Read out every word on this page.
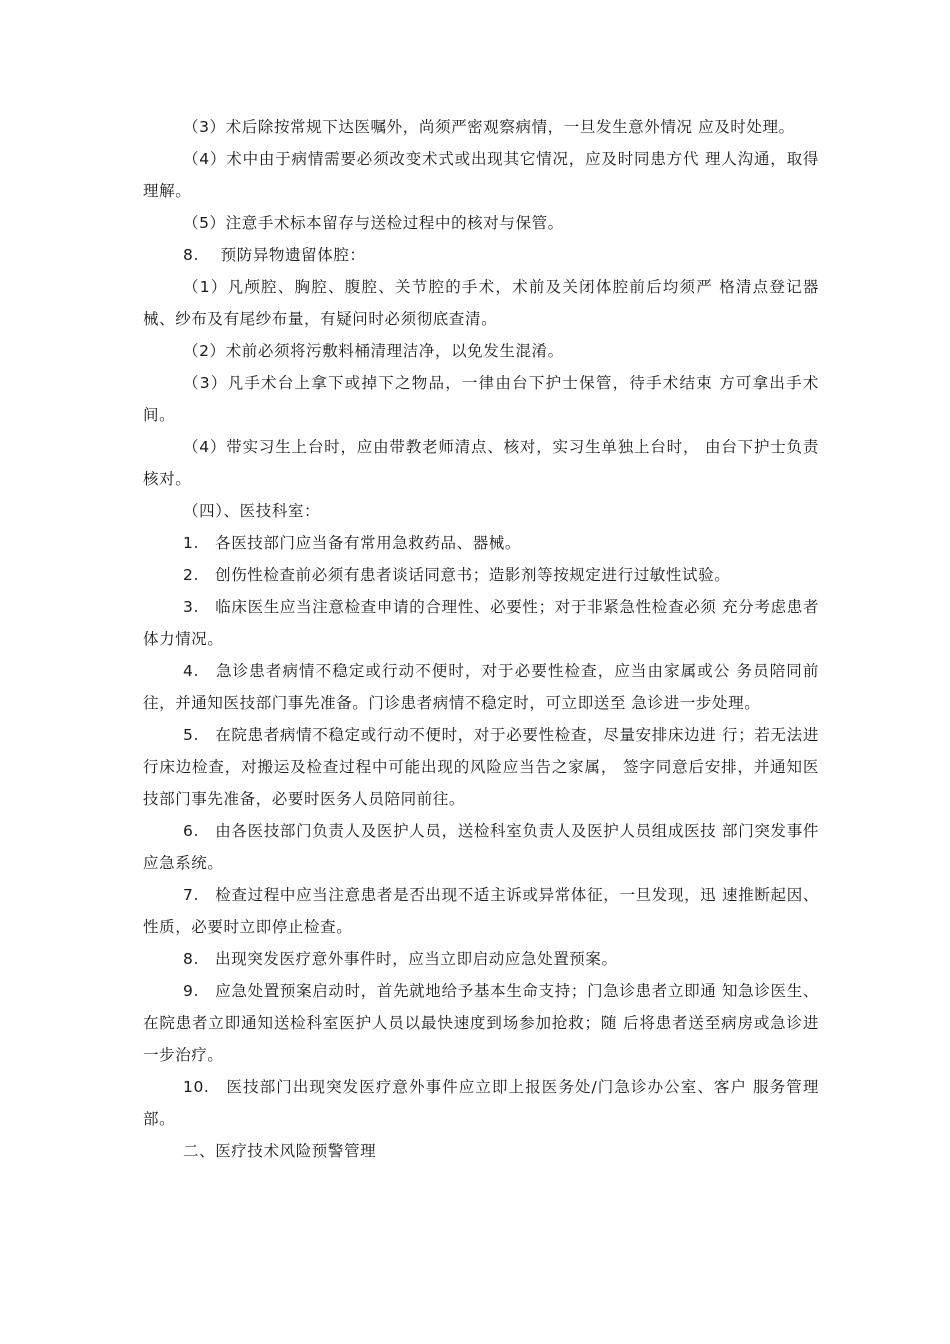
（3）术后除按常规下达医嘱外，尚须严密观察病情，一旦发生意外情况 应及时处理。

（4）术中由于病情需要必须改变术式或出现其它情况，应及时同患方代 理人沟通，取得理解。

（5）注意手术标本留存与送检过程中的核对与保管。

8.　 预防异物遗留体腔：

（1）凡颅腔、胸腔、腹腔、关节腔的手术，术前及关闭体腔前后均须严 格清点登记器械、纱布及有尾纱布量，有疑问时必须彻底查清。

（2）术前必须将污敷料桶清理洁净，以免发生混淆。

（3）凡手术台上拿下或掉下之物品，一律由台下护士保管，待手术结束 方可拿出手术间。

（4）带实习生上台时，应由带教老师清点、核对，实习生单独上台时， 由台下护士负责核对。

（四）、医技科室：

1.　各医技部门应当备有常用急救药品、器械。

2.　创伤性检查前必须有患者谈话同意书；造影剂等按规定进行过敏性试验。

3.　临床医生应当注意检查申请的合理性、必要性；对于非紧急性检查必须 充分考虑患者体力情况。

4.　急诊患者病情不稳定或行动不便时，对于必要性检查，应当由家属或公 务员陪同前往，并通知医技部门事先准备。门诊患者病情不稳定时，可立即送至 急诊进一步处理。

5.　在院患者病情不稳定或行动不便时，对于必要性检查，尽量安排床边进 行；若无法进行床边检查，对搬运及检查过程中可能出现的风险应当告之家属， 签字同意后安排，并通知医技部门事先准备，必要时医务人员陪同前往。

6.　由各医技部门负责人及医护人员，送检科室负责人及医护人员组成医技 部门突发事件应急系统。

7.　检查过程中应当注意患者是否出现不适主诉或异常体征，一旦发现，迅 速推断起因、性质，必要时立即停止检查。

8.　出现突发医疗意外事件时，应当立即启动应急处置预案。

9.　应急处置预案启动时，首先就地给予基本生命支持；门急诊患者立即通 知急诊医生、在院患者立即通知送检科室医护人员以最快速度到场参加抢救；随 后将患者送至病房或急诊进一步治疗。

10.　医技部门出现突发医疗意外事件应立即上报医务处/门急诊办公室、客户 服务管理部。

二、医疗技术风险预警管理
